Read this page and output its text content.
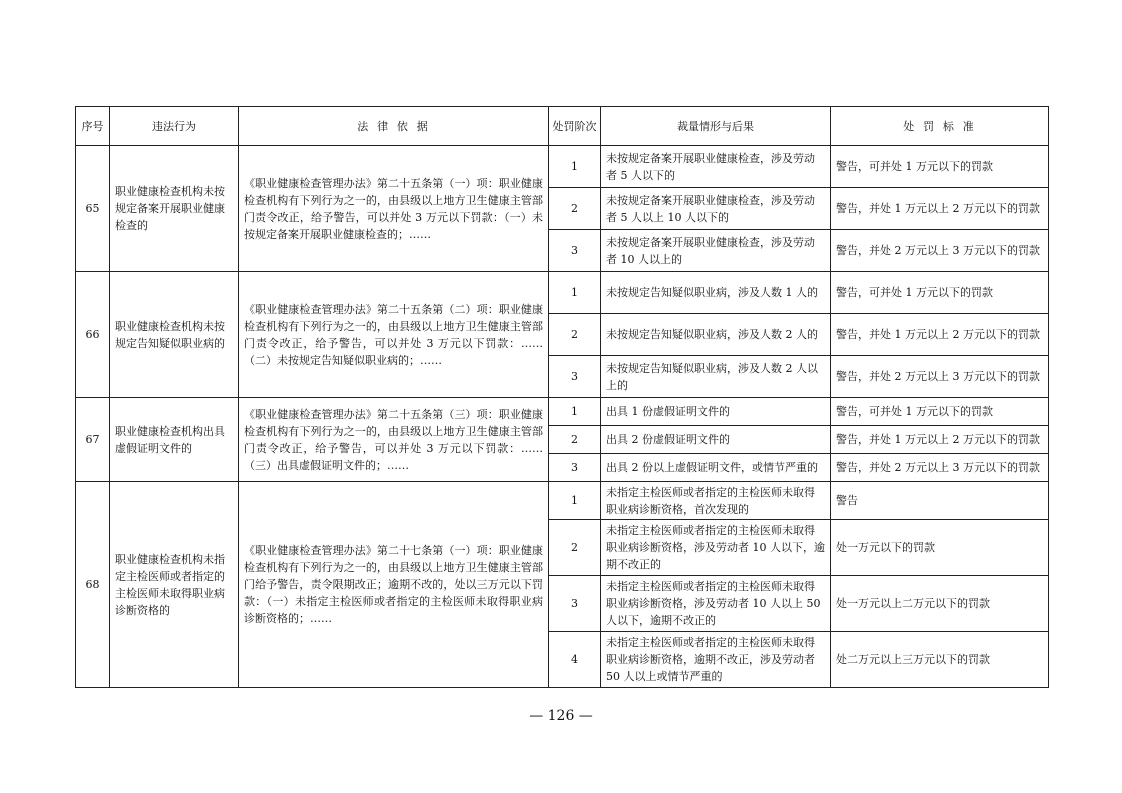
序号	违法行为	法律依据	处罚阶次	裁量情形与后果	处罚标准
65	职业健康检查机构未按规定备案开展职业健康检查的	《职业健康检查管理办法》第二十五条第（一）项：职业健康检查机构有下列行为之一的，由县级以上地方卫生健康主管部门责令改正，给予警告，可以并处 3 万元以下罚款：（一）未按规定备案开展职业健康检查的；……	1	未按规定备案开展职业健康检查，涉及劳动者 5 人以下的	警告，可并处 1 万元以下的罚款
			2	未按规定备案开展职业健康检查，涉及劳动者 5 人以上 10 人以下的	警告，并处 1 万元以上 2 万元以下的罚款
			3	未按规定备案开展职业健康检查，涉及劳动者 10 人以上的	警告，并处 2 万元以上 3 万元以下的罚款
66	职业健康检查机构未按规定告知疑似职业病的	《职业健康检查管理办法》第二十五条第（二）项：职业健康检查机构有下列行为之一的，由县级以上地方卫生健康主管部门责令改正，给予警告，可以并处 3 万元以下罚款：……（二）未按规定告知疑似职业病的；……	1	未按规定告知疑似职业病，涉及人数 1 人的	警告，可并处 1 万元以下的罚款
			2	未按规定告知疑似职业病，涉及人数 2 人的	警告，并处 1 万元以上 2 万元以下的罚款
			3	未按规定告知疑似职业病，涉及人数 2 人以上的	警告，并处 2 万元以上 3 万元以下的罚款
67	职业健康检查机构出具虚假证明文件的	《职业健康检查管理办法》第二十五条第（三）项：职业健康检查机构有下列行为之一的，由县级以上地方卫生健康主管部门责令改正，给予警告，可以并处 3 万元以下罚款：……（三）出具虚假证明文件的；……	1	出具 1 份虚假证明文件的	警告，可并处 1 万元以下的罚款
			2	出具 2 份虚假证明文件的	警告，并处 1 万元以上 2 万元以下的罚款
			3	出具 2 份以上虚假证明文件，或情节严重的	警告，并处 2 万元以上 3 万元以下的罚款
68	职业健康检查机构未指定主检医师或者指定的主检医师未取得职业病诊断资格的	《职业健康检查管理办法》第二十七条第（一）项：职业健康检查机构有下列行为之一的，由县级以上地方卫生健康主管部门给予警告，责令限期改正；逾期不改的，处以三万元以下罚款：（一）未指定主检医师或者指定的主检医师未取得职业病诊断资格的；……	1	未指定主检医师或者指定的主检医师未取得职业病诊断资格，首次发现的	警告
			2	未指定主检医师或者指定的主检医师未取得职业病诊断资格，涉及劳动者 10 人以下，逾期不改正的	处一万元以下的罚款
			3	未指定主检医师或者指定的主检医师未取得职业病诊断资格，涉及劳动者 10 人以上 50 人以下，逾期不改正的	处一万元以上二万元以下的罚款
			4	未指定主检医师或者指定的主检医师未取得职业病诊断资格，逾期不改正，涉及劳动者 50 人以上或情节严重的	处二万元以上三万元以下的罚款
— 126 —
